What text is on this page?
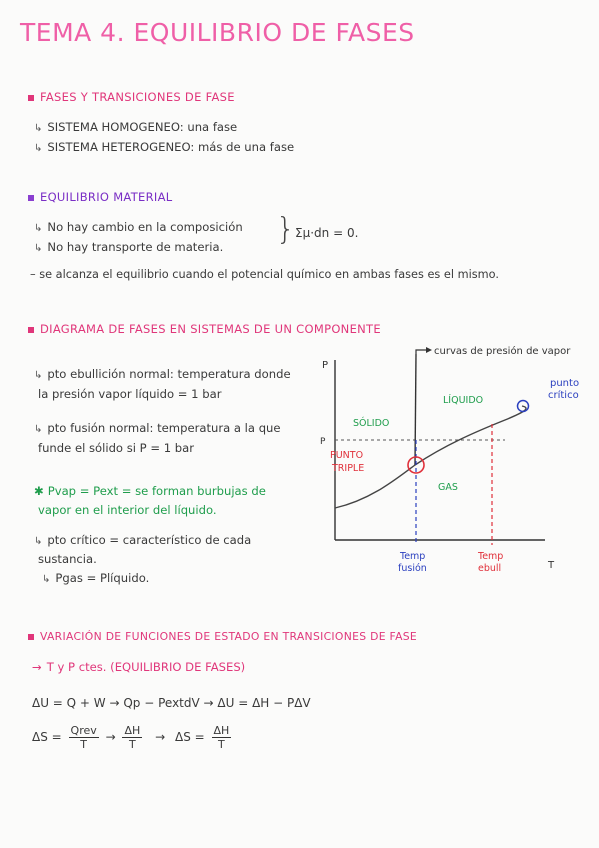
TEMA 4. EQUILIBRIO DE FASES
FASES Y TRANSICIONES DE FASE
↳ SISTEMA HOMOGENEO: una fase
↳ SISTEMA HETEROGENEO: más de una fase
EQUILIBRIO MATERIAL
↳ No hay cambio en la composición
↳ No hay transporte de materia. } Σμ·dn = 0.
– se alcanza el equilibrio cuando el potencial químico en ambas fases es el mismo.
DIAGRAMA DE FASES EN SISTEMAS DE UN COMPONENTE
↳ pto ebullición normal: temperatura donde
la presión vapor líquido = 1 bar
↳ pto fusión normal: temperatura a la que
funde el sólido si P = 1 bar
✱ Pvap = Pext = se forman burbujas de
vapor en el interior del líquido.
↳ pto crítico = característico de cada
sustancia.
↳ Pgas = Plíquido.
P
T
P
curvas de presión de vapor
LÍQUIDO
SÓLIDO
GAS
PUNTO
TRIPLE
punto
crítico
Temp
fusión
Temp
ebull
VARIACIÓN DE FUNCIONES DE ESTADO EN TRANSICIONES DE FASE
→ T y P ctes. (EQUILIBRIO DE FASES)
ΔU = Q + W → Qp − PextdV → ΔU = ΔH − PΔV
$\Delta S = \frac{\text{Qrev}}{T} \to \frac{\Delta H}{T} \to \Delta S = \frac{\Delta H}{T}$
